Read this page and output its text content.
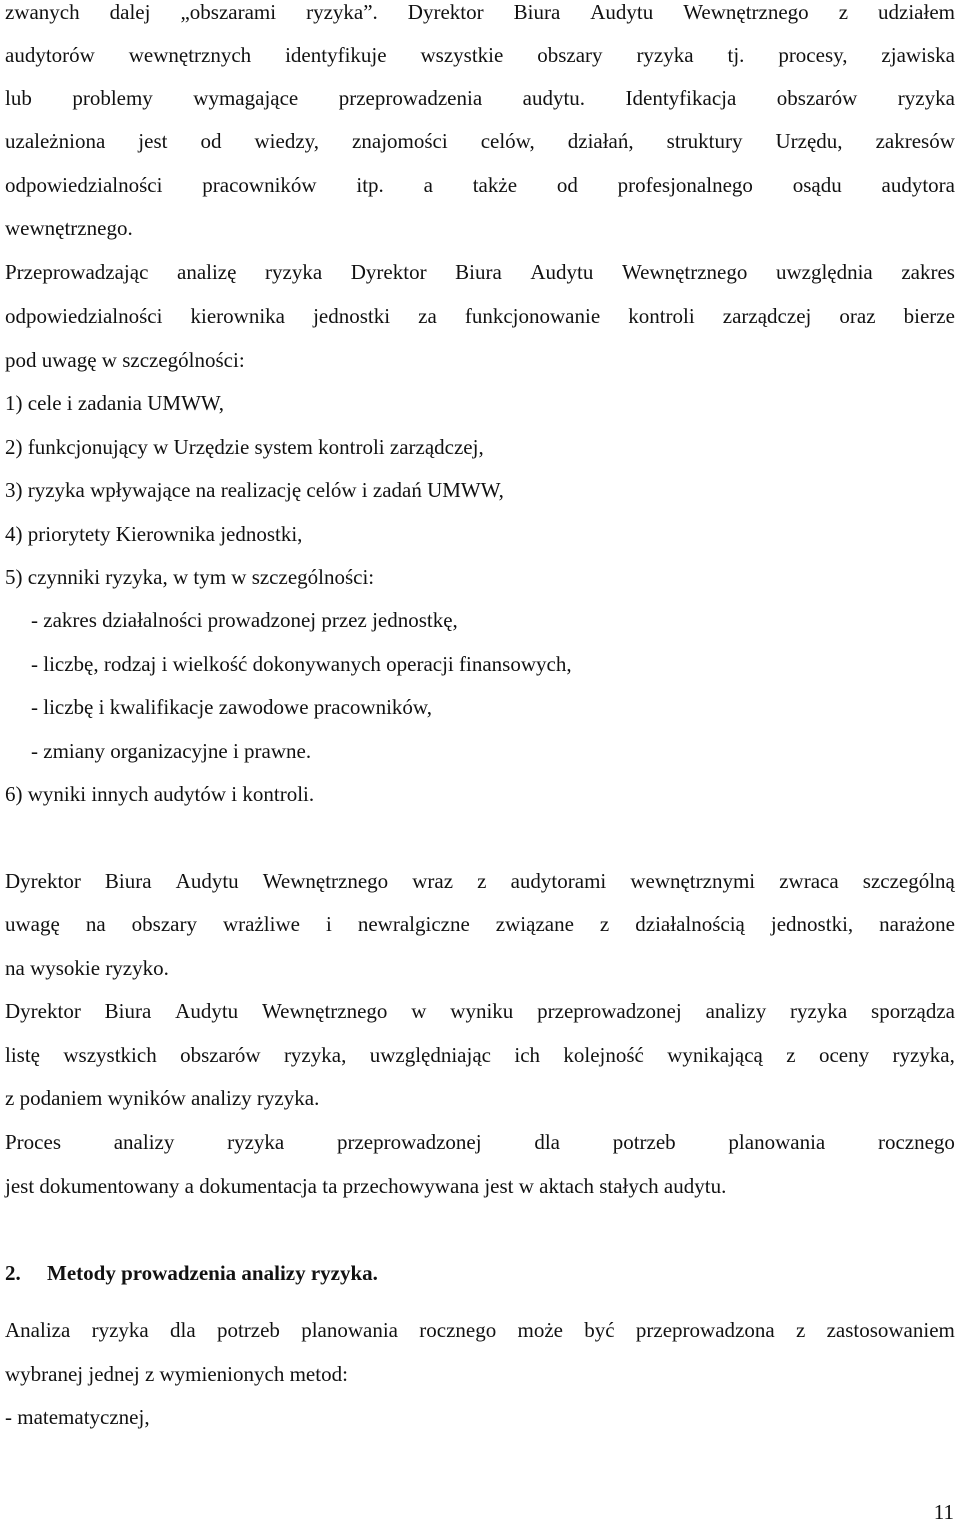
zwanych dalej „obszarami ryzyka”. Dyrektor Biura Audytu Wewnętrznego z udziałem
audytorów wewnętrznych identyfikuje wszystkie obszary ryzyka tj. procesy, zjawiska
lub problemy wymagające przeprowadzenia audytu. Identyfikacja obszarów ryzyka
uzależniona jest od wiedzy, znajomości celów, działań, struktury Urzędu, zakresów
odpowiedzialności pracowników itp. a także od profesjonalnego osądu audytora
wewnętrznego.
Przeprowadzając analizę ryzyka Dyrektor Biura Audytu Wewnętrznego uwzględnia zakres
odpowiedzialności kierownika jednostki za funkcjonowanie kontroli zarządczej oraz bierze
pod uwagę w szczególności:
1) cele i zadania UMWW,
2) funkcjonujący w Urzędzie system kontroli zarządczej,
3) ryzyka wpływające na realizację celów i zadań UMWW,
4) priorytety Kierownika jednostki,
5) czynniki ryzyka, w tym w szczególności:
- zakres działalności prowadzonej przez jednostkę,
- liczbę, rodzaj i wielkość dokonywanych operacji finansowych,
- liczbę i kwalifikacje zawodowe pracowników,
- zmiany organizacyjne i prawne.
6) wyniki innych audytów i kontroli.
Dyrektor Biura Audytu Wewnętrznego wraz z audytorami wewnętrznymi zwraca szczególną
uwagę na obszary wrażliwe i newralgiczne związane z działalnością jednostki, narażone
na wysokie ryzyko.
Dyrektor Biura Audytu Wewnętrznego w wyniku przeprowadzonej analizy ryzyka sporządza
listę wszystkich obszarów ryzyka, uwzględniając ich kolejność wynikającą z oceny ryzyka,
z podaniem wyników analizy ryzyka.
Proces	analizy	ryzyka	przeprowadzonej	dla	potrzeb	planowania	rocznego
jest dokumentowany a dokumentacja ta przechowywana jest w aktach stałych audytu.
2. Metody prowadzenia analizy ryzyka.
Analiza ryzyka dla potrzeb planowania rocznego może być przeprowadzona z zastosowaniem
wybranej jednej z wymienionych metod:
- matematycznej,
11
